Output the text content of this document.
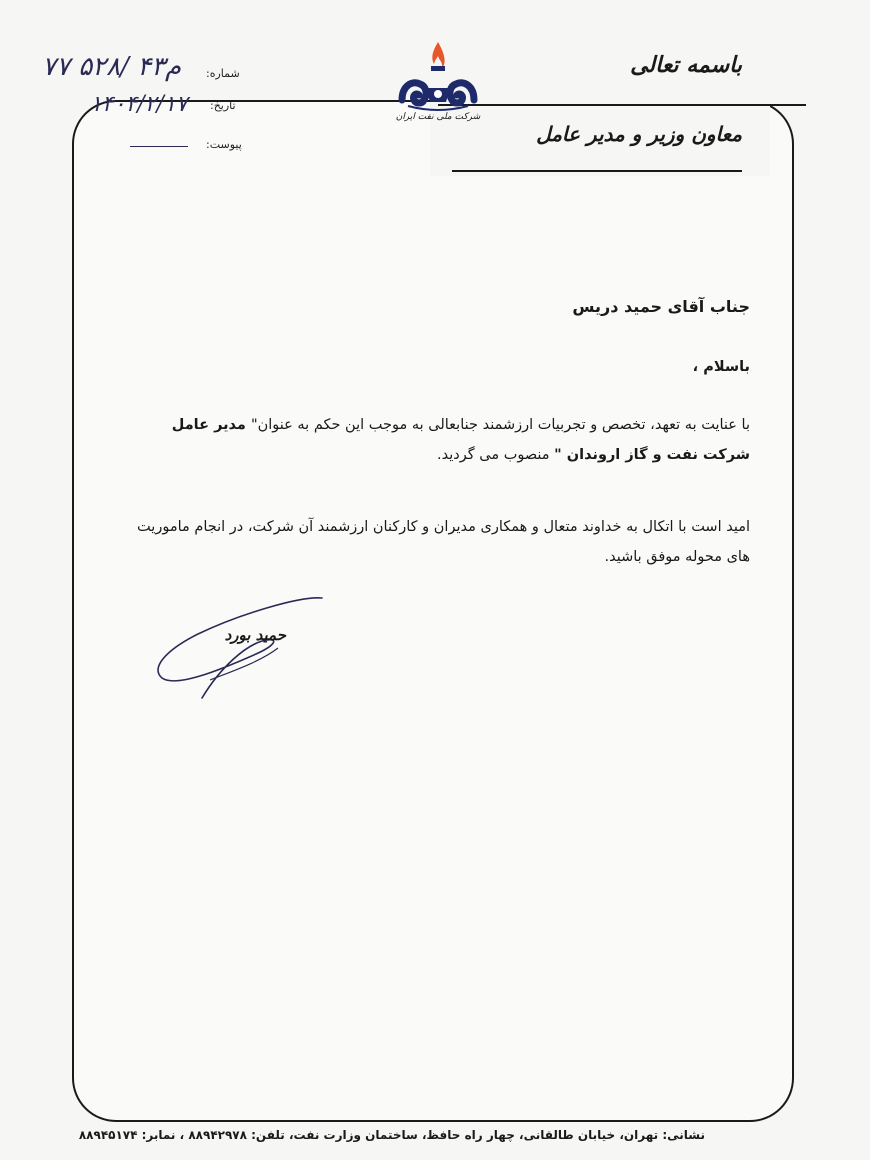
باسمه تعالی
معاون وزیر و مدیر عامل
شماره:
۷۷ ۵۲۸/ ۴۳م
تاریخ:
۱۴۰۴/۲/۱۷
پیوست:
شرکت ملی نفت ایران
جناب آقای حمید دریس
باسلام ،
با عنایت به تعهد، تخصص و تجربیات ارزشمند جنابعالی به موجب این حکم به عنوان" مدیر عامل شرکت نفت و گاز اروندان " منصوب می گردید.
امید است با اتکال به خداوند متعال و همکاری مدیران و کارکنان ارزشمند آن شرکت، در انجام ماموریت های محوله موفق باشید.
حمید بورد
نشانی: تهران، خیابان طالقانی، چهار راه حافظ، ساختمان وزارت نفت، تلفن: ۸۸۹۴۲۹۷۸ ، نمابر: ۸۸۹۴۵۱۷۴
